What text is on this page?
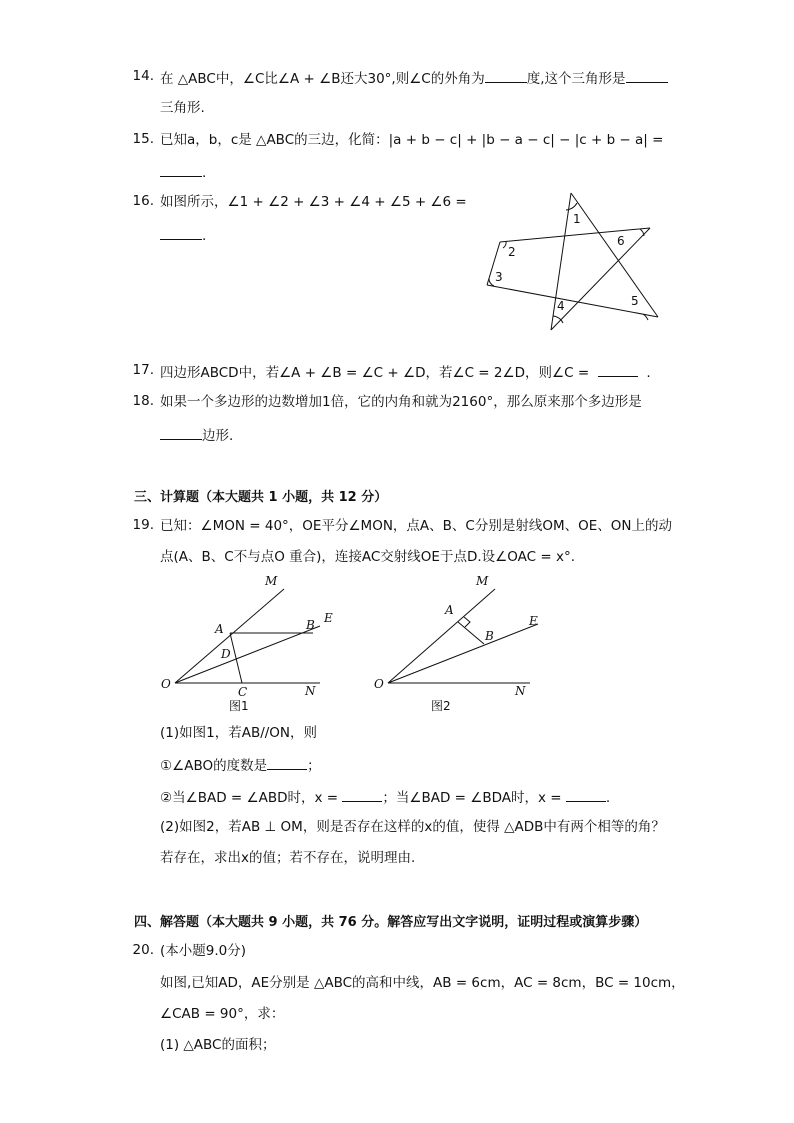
14. 在 △ABC中，∠C比∠A + ∠B还大30°,则∠C的外角为	度,这个三角形是
三角形.
15. 已知a，b，c是 △ABC的三边，化简：|a + b − c| + |b − a − c| − |c + b − a| =
.
16. 如图所示，∠1 + ∠2 + ∠3 + ∠4 + ∠5 + ∠6 =
.
1
2
3
4	5
6
17. 四边形ABCD中，若∠A + ∠B = ∠C + ∠D，若∠C = 2∠D，则∠C =	.
18. 如果一个多边形的边数增加1倍，它的内角和就为2160°，那么原来那个多边形是
边形.
三、计算题（本大题共 1 小题，共 12 分）
19. 已知：∠MON = 40°，OE平分∠MON，点A、B、C分别是射线OM、OE、ON上的动
点(A、B、C不与点O 重合)，连接AC交射线OE于点D.设∠OAC = x°.
M
A	B E
D
O
C	N
图1
M
A
B
E
O	N
图2
(1)如图1，若AB//ON，则
①∠ABO的度数是	；
②当∠BAD = ∠ABD时，x =	；当∠BAD = ∠BDA时，x =	.
(2)如图2，若AB ⊥ OM，则是否存在这样的x的值，使得 △ADB中有两个相等的角？
若存在，求出x的值；若不存在，说明理由.
四、解答题（本大题共 9 小题，共 76 分。解答应写出文字说明，证明过程或演算步骤）
20. (本小题9.0分)
如图,已知AD，AE分别是 △ABC的高和中线，AB = 6cm，AC = 8cm，BC = 10cm，
∠CAB = 90°，求：
(1) △ABC的面积；
